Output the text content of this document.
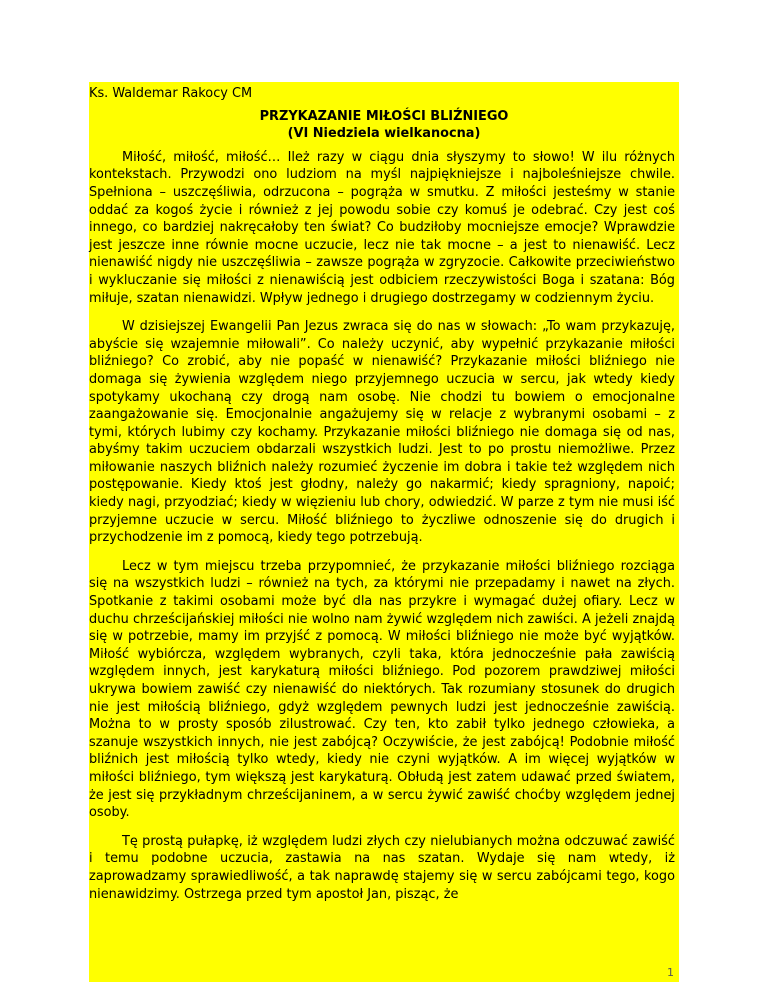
Ks. Waldemar Rakocy CM
PRZYKAZANIE MIŁOŚCI BLIŹNIEGO
(VI Niedziela wielkanocna)

Miłość, miłość, miłość… Ileż razy w ciągu dnia słyszymy to słowo! W ilu różnych kontekstach. Przywodzi ono ludziom na myśl najpiękniejsze i najboleśniejsze chwile. Spełniona – uszczęśliwia, odrzucona – pogrąża w smutku. Z miłości jesteśmy w stanie oddać za kogoś życie i również z jej powodu sobie czy komuś je odebrać. Czy jest coś innego, co bardziej nakręcałoby ten świat? Co budziłoby mocniejsze emocje? Wprawdzie jest jeszcze inne równie mocne uczucie, lecz nie tak mocne – a jest to nienawiść. Lecz nienawiść nigdy nie uszczęśliwia – zawsze pogrąża w zgryzocie. Całkowite przeciwieństwo i wykluczanie się miłości z nienawiścią jest odbiciem rzeczywistości Boga i szatana: Bóg miłuje, szatan nienawidzi. Wpływ jednego i drugiego dostrzegamy w codziennym życiu.

W dzisiejszej Ewangelii Pan Jezus zwraca się do nas w słowach: „To wam przykazuję, abyście się wzajemnie miłowali”. Co należy uczynić, aby wypełnić przykazanie miłości bliźniego? Co zrobić, aby nie popaść w nienawiść? Przykazanie miłości bliźniego nie domaga się żywienia względem niego przyjemnego uczucia w sercu, jak wtedy kiedy spotykamy ukochaną czy drogą nam osobę. Nie chodzi tu bowiem o emocjonalne zaangażowanie się. Emocjonalnie angażujemy się w relacje z wybranymi osobami – z tymi, których lubimy czy kochamy. Przykazanie miłości bliźniego nie domaga się od nas, abyśmy takim uczuciem obdarzali wszystkich ludzi. Jest to po prostu niemożliwe. Przez miłowanie naszych bliźnich należy rozumieć życzenie im dobra i takie też względem nich postępowanie. Kiedy ktoś jest głodny, należy go nakarmić; kiedy spragniony, napoić; kiedy nagi, przyodziać; kiedy w więzieniu lub chory, odwiedzić. W parze z tym nie musi iść przyjemne uczucie w sercu. Miłość bliźniego to życzliwe odnoszenie się do drugich i przychodzenie im z pomocą, kiedy tego potrzebują.

Lecz w tym miejscu trzeba przypomnieć, że przykazanie miłości bliźniego rozciąga się na wszystkich ludzi – również na tych, za którymi nie przepadamy i nawet na złych. Spotkanie z takimi osobami może być dla nas przykre i wymagać dużej ofiary. Lecz w duchu chrześcijańskiej miłości nie wolno nam żywić względem nich zawiści. A jeżeli znajdą się w potrzebie, mamy im przyjść z pomocą. W miłości bliźniego nie może być wyjątków. Miłość wybiórcza, względem wybranych, czyli taka, która jednocześnie pała zawiścią względem innych, jest karykaturą miłości bliźniego. Pod pozorem prawdziwej miłości ukrywa bowiem zawiść czy nienawiść do niektórych. Tak rozumiany stosunek do drugich nie jest miłością bliźniego, gdyż względem pewnych ludzi jest jednocześnie zawiścią. Można to w prosty sposób zilustrować. Czy ten, kto zabił tylko jednego człowieka, a szanuje wszystkich innych, nie jest zabójcą? Oczywiście, że jest zabójcą! Podobnie miłość bliźnich jest miłością tylko wtedy, kiedy nie czyni wyjątków. A im więcej wyjątków w miłości bliźniego, tym większą jest karykaturą. Obłudą jest zatem udawać przed światem, że jest się przykładnym chrześcijaninem, a w sercu żywić zawiść choćby względem jednej osoby.

Tę prostą pułapkę, iż względem ludzi złych czy nielubianych można odczuwać zawiść i temu podobne uczucia, zastawia na nas szatan. Wydaje się nam wtedy, iż zaprowadzamy sprawiedliwość, a tak naprawdę stajemy się w sercu zabójcami tego, kogo nienawidzimy. Ostrzega przed tym apostoł Jan, pisząc, że

1
